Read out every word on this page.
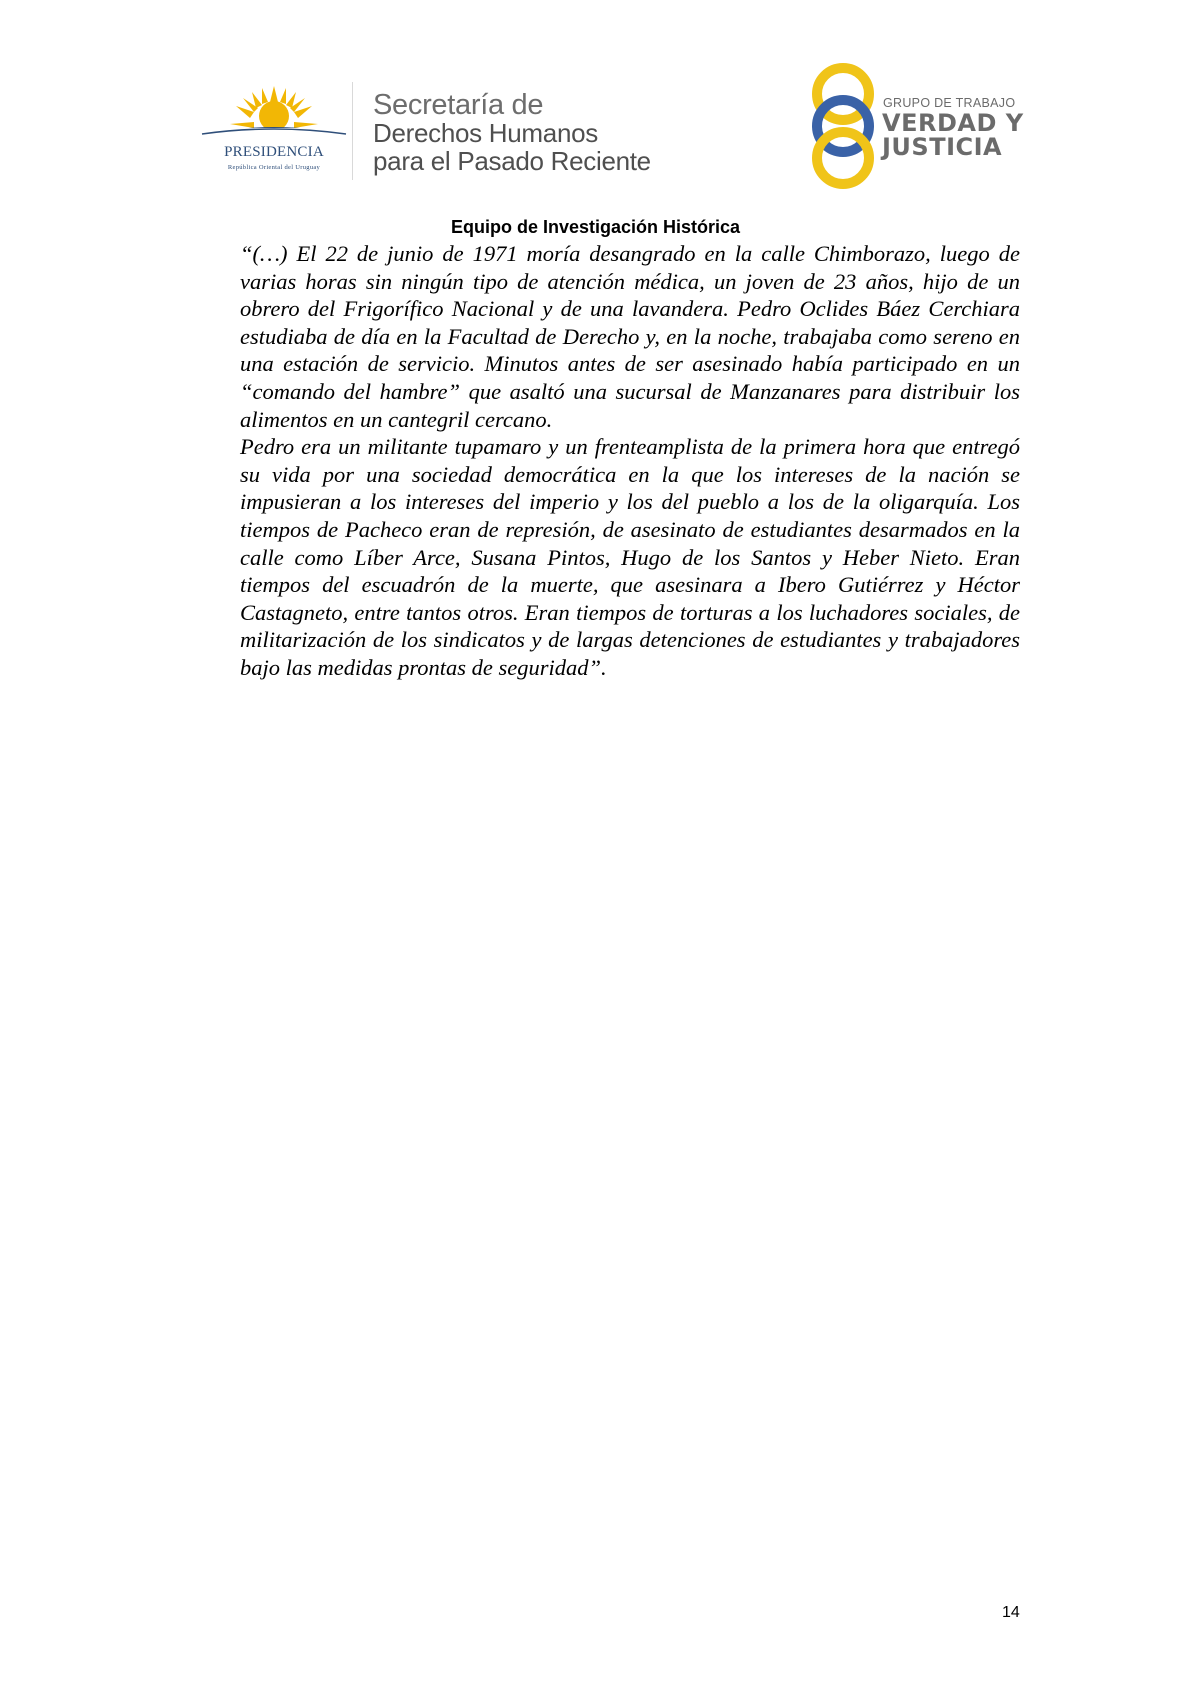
PRESIDENCIA
República Oriental del Uruguay
Secretaría de
Derechos Humanos
para el Pasado Reciente
GRUPO DE TRABAJO
VERDAD Y
JUSTICIA
Equipo de Investigación Histórica

“(…) El 22 de junio de 1971 moría desangrado en la calle Chimborazo, luego de varias horas sin ningún tipo de atención médica, un joven de 23 años, hijo de un obrero del Frigorífico Nacional y de una lavandera. Pedro Oclides Báez Cerchiara estudiaba de día en la Facultad de Derecho y, en la noche, trabajaba como sereno en una estación de servicio. Minutos antes de ser asesinado había participado en un “comando del hambre” que asaltó una sucursal de Manzanares para distribuir los alimentos en un cantegril cercano.

Pedro era un militante tupamaro y un frenteamplista de la primera hora que entregó su vida por una sociedad democrática en la que los intereses de la nación se impusieran a los intereses del imperio y los del pueblo a los de la oligarquía. Los tiempos de Pacheco eran de represión, de asesinato de estudiantes desarmados en la calle como Líber Arce, Susana Pintos, Hugo de los Santos y Heber Nieto. Eran tiempos del escuadrón de la muerte, que asesinara a Ibero Gutiérrez y Héctor Castagneto, entre tantos otros. Eran tiempos de torturas a los luchadores sociales, de militarización de los sindicatos y de largas detenciones de estudiantes y trabajadores bajo las medidas prontas de seguridad”.

14
